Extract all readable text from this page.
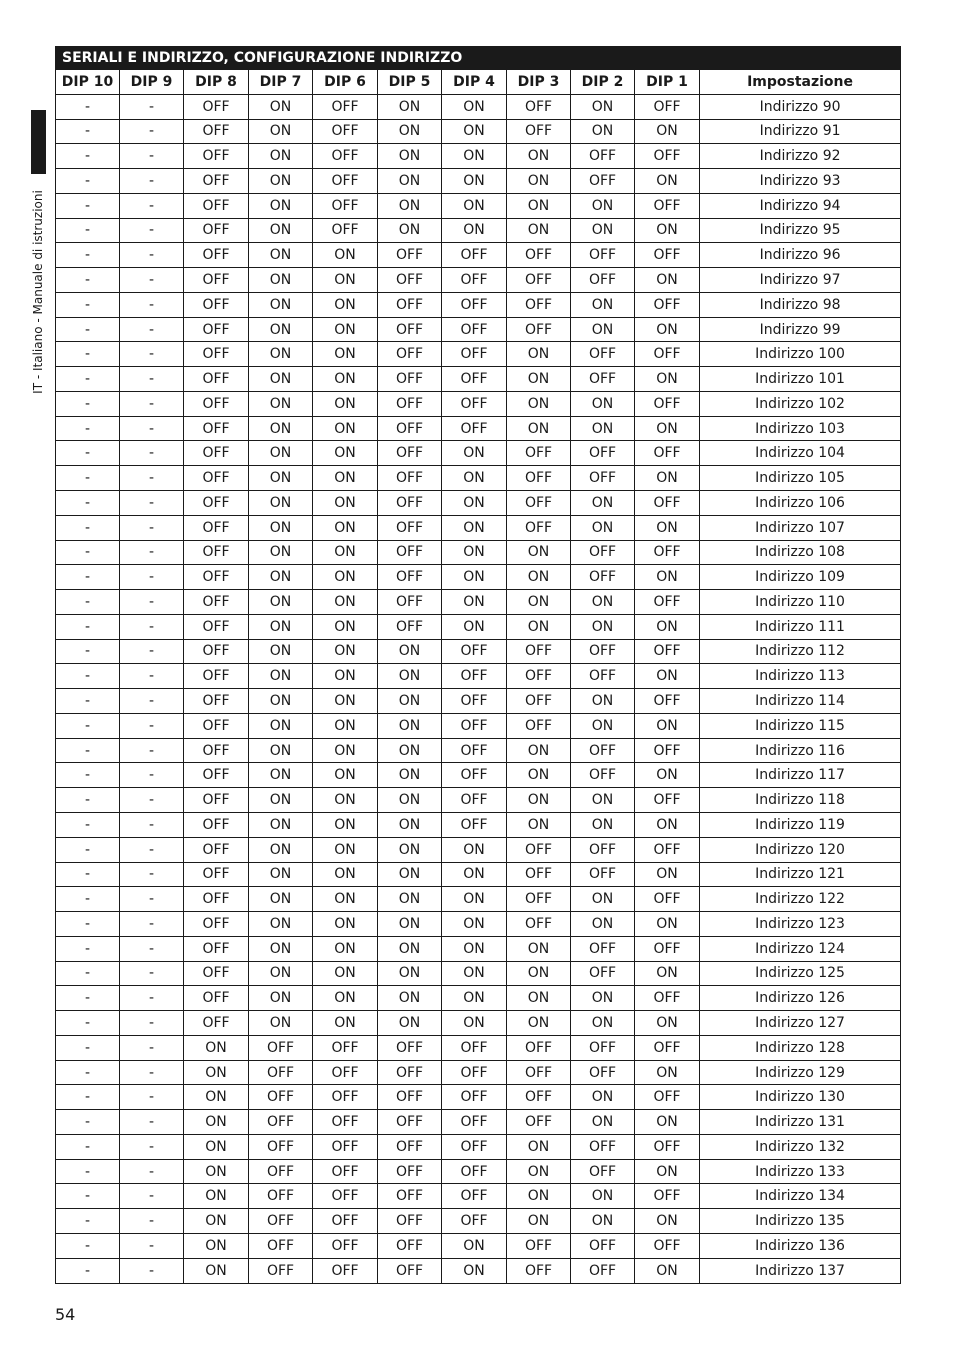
IT - Italiano - Manuale di istruzioni
SERIALI E INDIRIZZO, CONFIGURAZIONE INDIRIZZO										
DIP 10	DIP 9	DIP 8	DIP 7	DIP 6	DIP 5	DIP 4	DIP 3	DIP 2	DIP 1	Impostazione
-	-	OFF	ON	OFF	ON	ON	OFF	ON	OFF	Indirizzo 90
-	-	OFF	ON	OFF	ON	ON	OFF	ON	ON	Indirizzo 91
-	-	OFF	ON	OFF	ON	ON	ON	OFF	OFF	Indirizzo 92
-	-	OFF	ON	OFF	ON	ON	ON	OFF	ON	Indirizzo 93
-	-	OFF	ON	OFF	ON	ON	ON	ON	OFF	Indirizzo 94
-	-	OFF	ON	OFF	ON	ON	ON	ON	ON	Indirizzo 95
-	-	OFF	ON	ON	OFF	OFF	OFF	OFF	OFF	Indirizzo 96
-	-	OFF	ON	ON	OFF	OFF	OFF	OFF	ON	Indirizzo 97
-	-	OFF	ON	ON	OFF	OFF	OFF	ON	OFF	Indirizzo 98
-	-	OFF	ON	ON	OFF	OFF	OFF	ON	ON	Indirizzo 99
-	-	OFF	ON	ON	OFF	OFF	ON	OFF	OFF	Indirizzo 100
-	-	OFF	ON	ON	OFF	OFF	ON	OFF	ON	Indirizzo 101
-	-	OFF	ON	ON	OFF	OFF	ON	ON	OFF	Indirizzo 102
-	-	OFF	ON	ON	OFF	OFF	ON	ON	ON	Indirizzo 103
-	-	OFF	ON	ON	OFF	ON	OFF	OFF	OFF	Indirizzo 104
-	-	OFF	ON	ON	OFF	ON	OFF	OFF	ON	Indirizzo 105
-	-	OFF	ON	ON	OFF	ON	OFF	ON	OFF	Indirizzo 106
-	-	OFF	ON	ON	OFF	ON	OFF	ON	ON	Indirizzo 107
-	-	OFF	ON	ON	OFF	ON	ON	OFF	OFF	Indirizzo 108
-	-	OFF	ON	ON	OFF	ON	ON	OFF	ON	Indirizzo 109
-	-	OFF	ON	ON	OFF	ON	ON	ON	OFF	Indirizzo 110
-	-	OFF	ON	ON	OFF	ON	ON	ON	ON	Indirizzo 111
-	-	OFF	ON	ON	ON	OFF	OFF	OFF	OFF	Indirizzo 112
-	-	OFF	ON	ON	ON	OFF	OFF	OFF	ON	Indirizzo 113
-	-	OFF	ON	ON	ON	OFF	OFF	ON	OFF	Indirizzo 114
-	-	OFF	ON	ON	ON	OFF	OFF	ON	ON	Indirizzo 115
-	-	OFF	ON	ON	ON	OFF	ON	OFF	OFF	Indirizzo 116
-	-	OFF	ON	ON	ON	OFF	ON	OFF	ON	Indirizzo 117
-	-	OFF	ON	ON	ON	OFF	ON	ON	OFF	Indirizzo 118
-	-	OFF	ON	ON	ON	OFF	ON	ON	ON	Indirizzo 119
-	-	OFF	ON	ON	ON	ON	OFF	OFF	OFF	Indirizzo 120
-	-	OFF	ON	ON	ON	ON	OFF	OFF	ON	Indirizzo 121
-	-	OFF	ON	ON	ON	ON	OFF	ON	OFF	Indirizzo 122
-	-	OFF	ON	ON	ON	ON	OFF	ON	ON	Indirizzo 123
-	-	OFF	ON	ON	ON	ON	ON	OFF	OFF	Indirizzo 124
-	-	OFF	ON	ON	ON	ON	ON	OFF	ON	Indirizzo 125
-	-	OFF	ON	ON	ON	ON	ON	ON	OFF	Indirizzo 126
-	-	OFF	ON	ON	ON	ON	ON	ON	ON	Indirizzo 127
-	-	ON	OFF	OFF	OFF	OFF	OFF	OFF	OFF	Indirizzo 128
-	-	ON	OFF	OFF	OFF	OFF	OFF	OFF	ON	Indirizzo 129
-	-	ON	OFF	OFF	OFF	OFF	OFF	ON	OFF	Indirizzo 130
-	-	ON	OFF	OFF	OFF	OFF	OFF	ON	ON	Indirizzo 131
-	-	ON	OFF	OFF	OFF	OFF	ON	OFF	OFF	Indirizzo 132
-	-	ON	OFF	OFF	OFF	OFF	ON	OFF	ON	Indirizzo 133
-	-	ON	OFF	OFF	OFF	OFF	ON	ON	OFF	Indirizzo 134
-	-	ON	OFF	OFF	OFF	OFF	ON	ON	ON	Indirizzo 135
-	-	ON	OFF	OFF	OFF	ON	OFF	OFF	OFF	Indirizzo 136
-	-	ON	OFF	OFF	OFF	ON	OFF	OFF	ON	Indirizzo 137
54
